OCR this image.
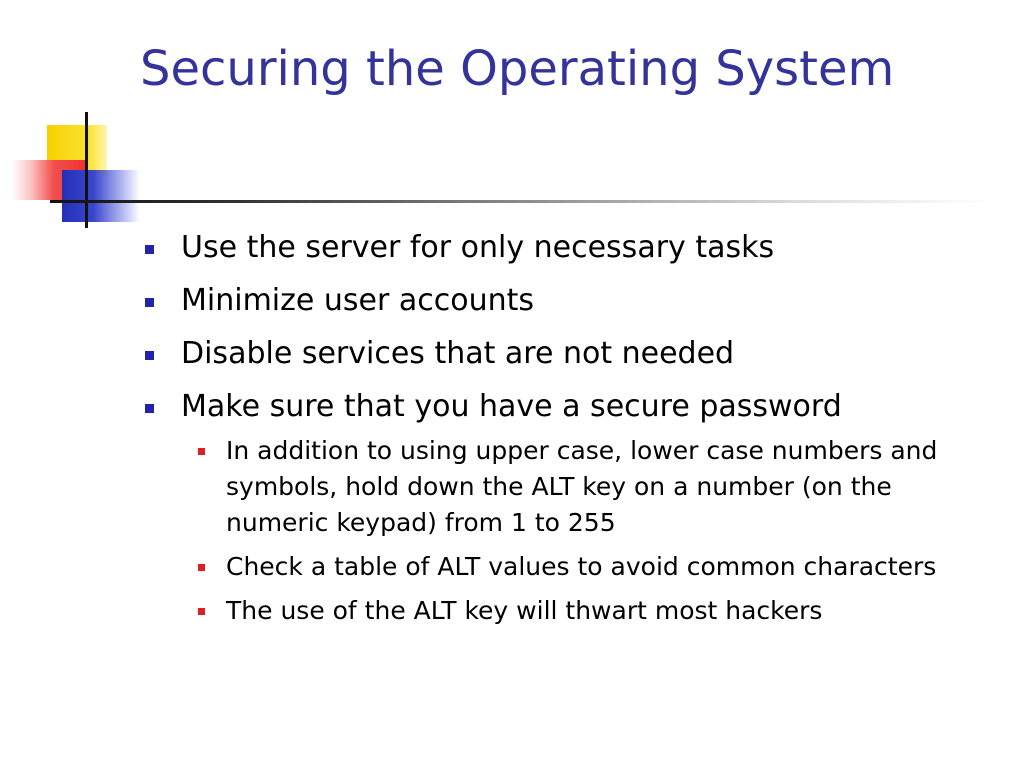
Securing the Operating System
Use the server for only necessary tasks
Minimize user accounts
Disable services that are not needed
Make sure that you have a secure password
In addition to using upper case, lower case numbers and symbols, hold down the ALT key on a number (on the numeric keypad) from 1 to 255
Check a table of ALT values to avoid common characters
The use of the ALT key will thwart most hackers
